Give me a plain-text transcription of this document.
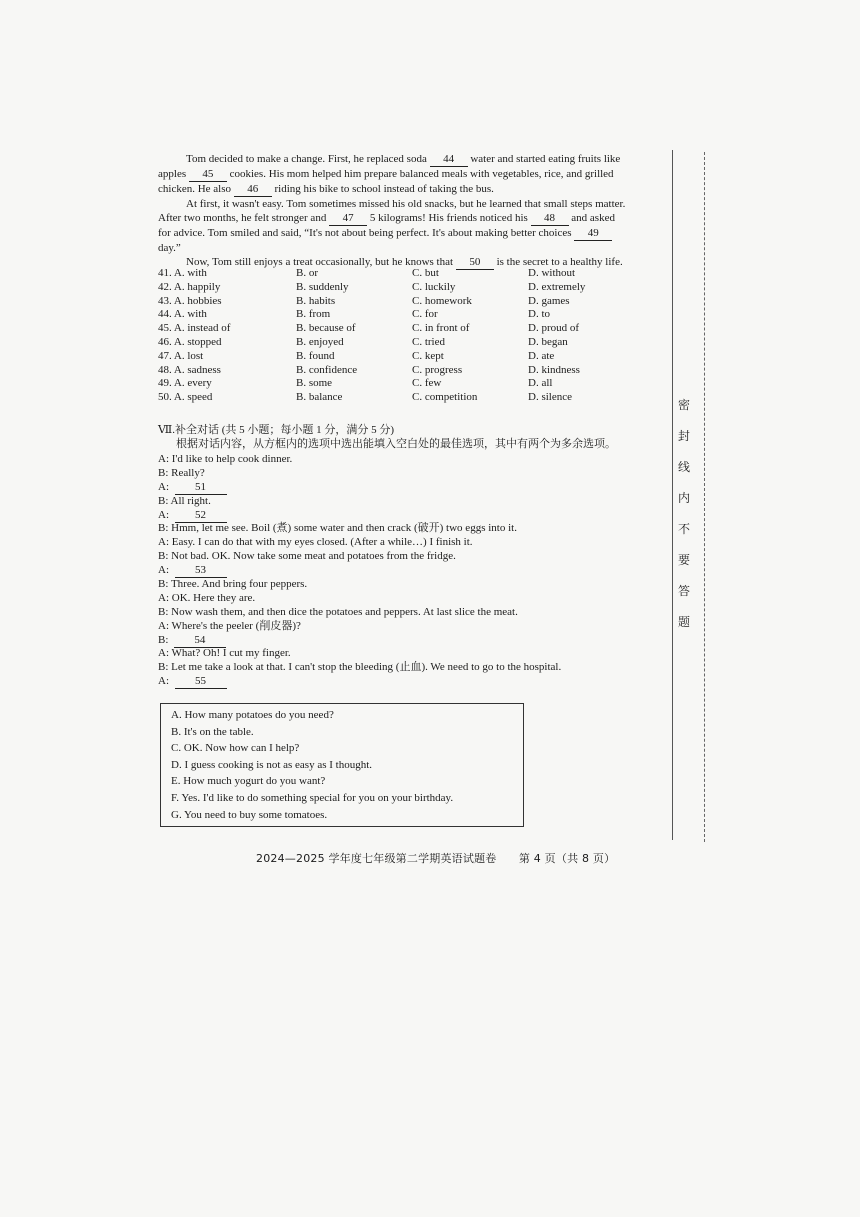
Tom decided to make a change. First, he replaced soda 44 water and started eating fruits like

apples 45 cookies. His mom helped him prepare balanced meals with vegetables, rice, and grilled

chicken. He also 46 riding his bike to school instead of taking the bus.

At first, it wasn't easy. Tom sometimes missed his old snacks, but he learned that small steps matter.

After two months, he felt stronger and 47 5 kilograms! His friends noticed his 48 and asked

for advice. Tom smiled and said, “It's not about being perfect. It's about making better choices 49

day.”

Now, Tom still enjoys a treat occasionally, but he knows that 50 is the secret to a healthy life.

41. A. with	B. or	C. but	D. without
42. A. happily	B. suddenly	C. luckily	D. extremely
43. A. hobbies	B. habits	C. homework	D. games
44. A. with	B. from	C. for	D. to
45. A. instead of	B. because of	C. in front of	D. proud of
46. A. stopped	B. enjoyed	C. tried	D. began
47. A. lost	B. found	C. kept	D. ate
48. A. sadness	B. confidence	C. progress	D. kindness
49. A. every	B. some	C. few	D. all
50. A. speed	B. balance	C. competition	D. silence
Ⅶ.补全对话 (共 5 小题；每小题 1 分，满分 5 分)
根据对话内容，从方框内的选项中选出能填入空白处的最佳选项，其中有两个为多余选项。
A: I'd like to help cook dinner.
B: Really?
A: 51
B: All right.
A: 52
B: Hmm, let me see. Boil (煮) some water and then crack (破开) two eggs into it.
A: Easy. I can do that with my eyes closed. (After a while…) I finish it.
B: Not bad. OK. Now take some meat and potatoes from the fridge.
A: 53
B: Three. And bring four peppers.
A: OK. Here they are.
B: Now wash them, and then dice the potatoes and peppers. At last slice the meat.
A: Where's the peeler (削皮器)?
B: 54
A: What? Oh! I cut my finger.
B: Let me take a look at that. I can't stop the bleeding (止血). We need to go to the hospital.
A: 55
A. How many potatoes do you need?
B. It's on the table.
C. OK. Now how can I help?
D. I guess cooking is not as easy as I thought.
E. How much yogurt do you want?
F. Yes. I'd like to do something special for you on your birthday.
G. You need to buy some tomatoes.
2024—2025 学年度七年级第二学期英语试题卷　　第 4 页（共 8 页）
密
封
线
内
不
要
答
题
